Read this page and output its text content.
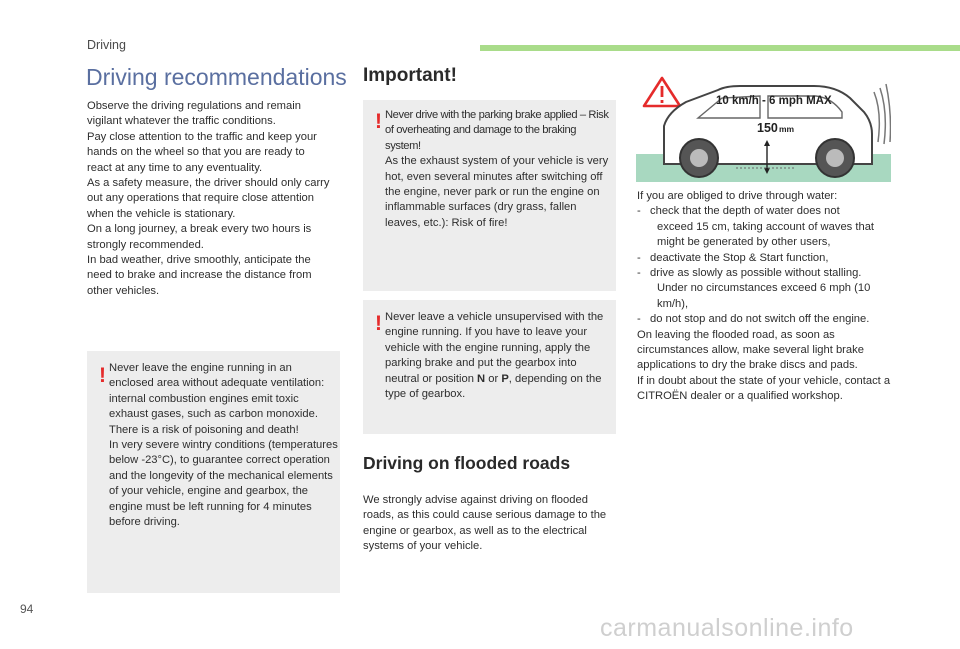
Driving
Driving recommendations

Observe the driving regulations and remain vigilant whatever the traffic conditions.

Pay close attention to the traffic and keep your hands on the wheel so that you are ready to react at any time to any eventuality.

As a safety measure, the driver should only carry out any operations that require close attention when the vehicle is stationary.

On a long journey, a break every two hours is strongly recommended.

In bad weather, drive smoothly, anticipate the need to brake and increase the distance from other vehicles.

! Never leave the engine running in an enclosed area without adequate ventilation: internal combustion engines emit toxic exhaust gases, such as carbon monoxide. There is a risk of poisoning and death!

In very severe wintry conditions (temperatures below -23°C), to guarantee correct operation and the longevity of the mechanical elements of your vehicle, engine and gearbox, the engine must be left running for 4 minutes before driving.

Important!
! Never drive with the parking brake applied – Risk of overheating and damage to the braking system!

As the exhaust system of your vehicle is very hot, even several minutes after switching off the engine, never park or run the engine on inflammable surfaces (dry grass, fallen leaves, etc.): Risk of fire!

! Never leave a vehicle unsupervised with the engine running. If you have to leave your vehicle with the engine running, apply the parking brake and put the gearbox into neutral or position N or P, depending on the type of gearbox.

Driving on flooded roads
We strongly advise against driving on flooded roads, as this could cause serious damage to the engine or gearbox, as well as to the electrical systems of your vehicle.
10 km/h - 6 mph MAX
150 mm

If you are obliged to drive through water:

- check that the depth of water does not
exceed 15 cm, taking account of waves that might be generated by other users,
- deactivate the Stop & Start function,
- drive as slowly as possible without stalling.
Under no circumstances exceed 6 mph (10 km/h),
- do not stop and do not switch off the engine.

On leaving the flooded road, as soon as circumstances allow, make several light brake applications to dry the brake discs and pads.

If in doubt about the state of your vehicle, contact a CITROËN dealer or a qualified workshop.

94
carmanualsonline.info
